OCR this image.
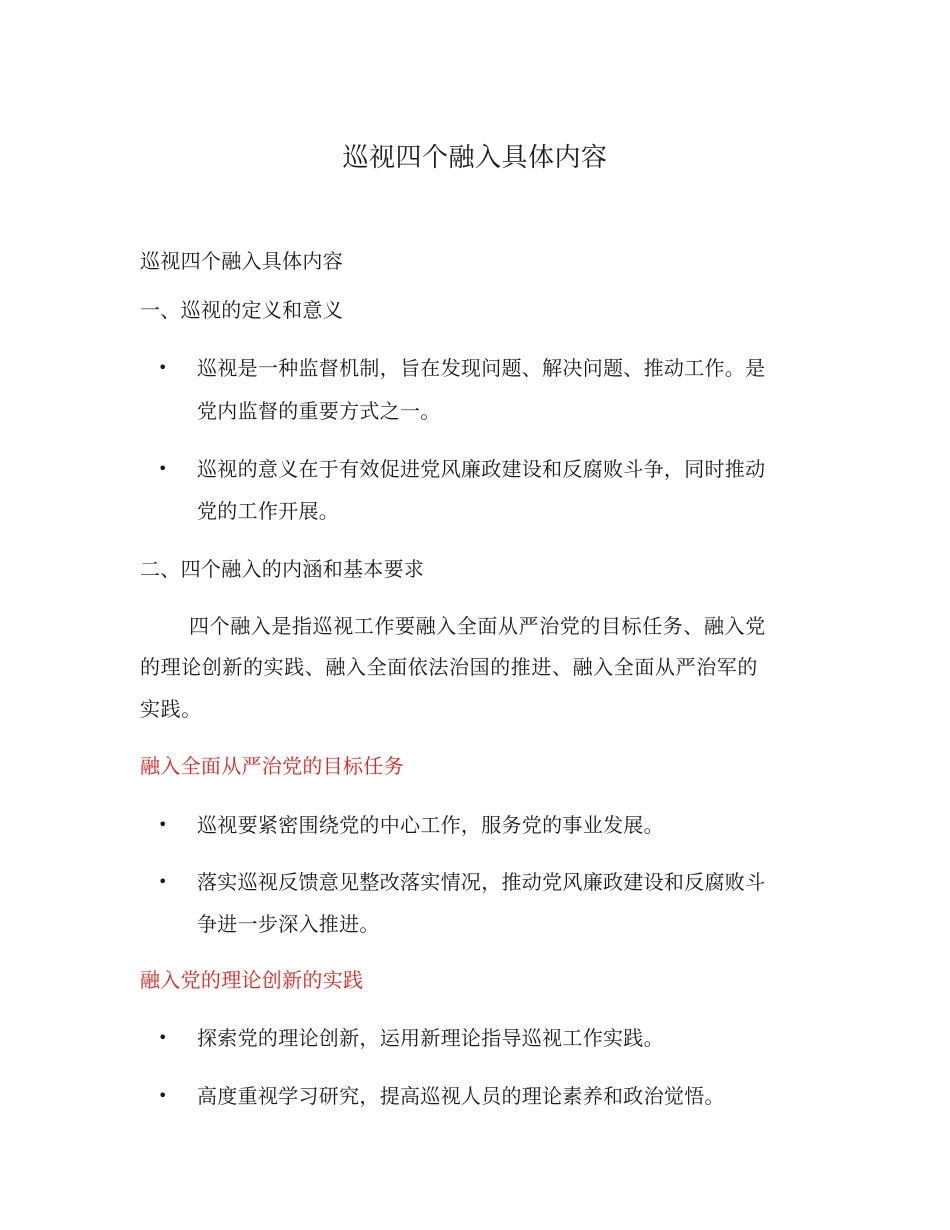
巡视四个融入具体内容
巡视四个融入具体内容
一、巡视的定义和意义
• 巡视是一种监督机制，旨在发现问题、解决问题、推动工作。是
党内监督的重要方式之一。
• 巡视的意义在于有效促进党风廉政建设和反腐败斗争，同时推动
党的工作开展。
二、四个融入的内涵和基本要求
四个融入是指巡视工作要融入全面从严治党的目标任务、融入党
的理论创新的实践、融入全面依法治国的推进、融入全面从严治军的
实践。
融入全面从严治党的目标任务
• 巡视要紧密围绕党的中心工作，服务党的事业发展。
• 落实巡视反馈意见整改落实情况，推动党风廉政建设和反腐败斗
争进一步深入推进。
融入党的理论创新的实践
• 探索党的理论创新，运用新理论指导巡视工作实践。
• 高度重视学习研究，提高巡视人员的理论素养和政治觉悟。
